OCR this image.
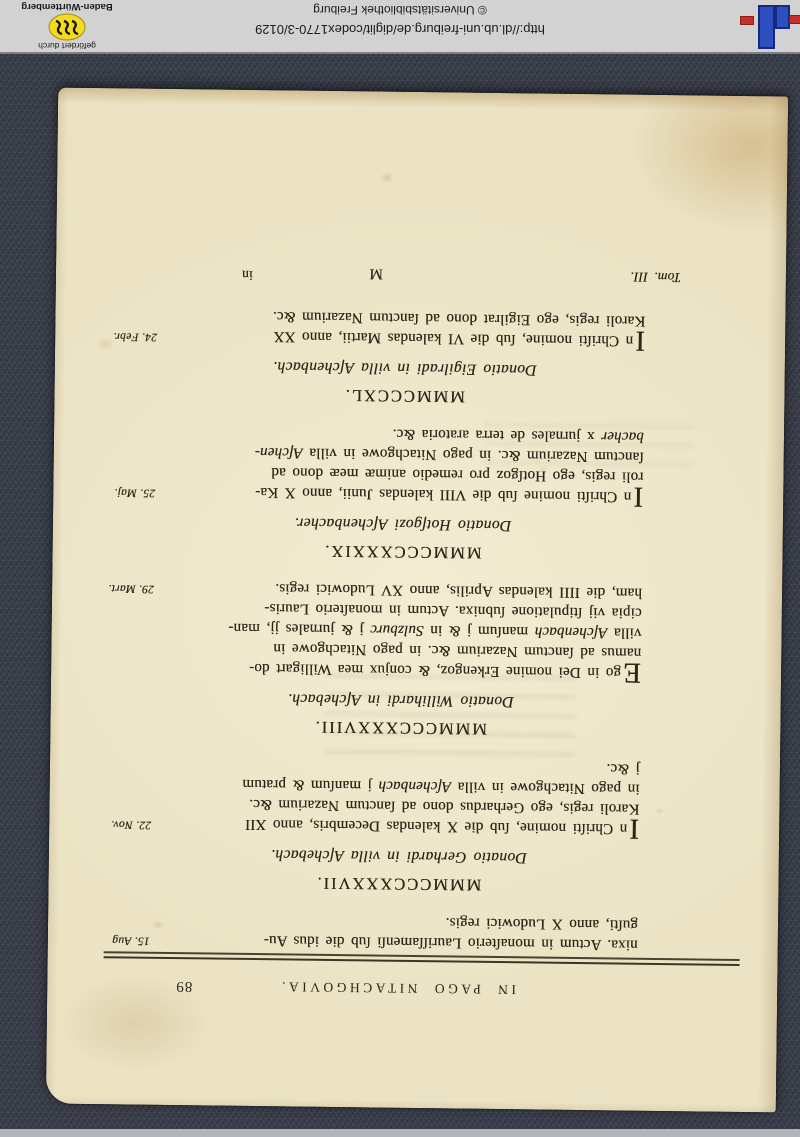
IN PAGO NITACHGOVIA.
89
nixa. Actum in monaſterio Lauriſſamenſi ſub die idus Au-
guſti, anno X Ludowici regis.
MMMCCCXXXVII.
Donatio Gerhardi in villa Aſchebach.
I
n Chriſti nomine, ſub die X kalendas Decembris, anno XII
Karoli regis, ego Gerhardus dono ad ſanctum Nazarium &c.
in pago Nitachgowe in villa Aſchenbach j manſum & pratum
j &c.
MMMCCCXXXVIII.
Donatio Willihardi in Aſchebach.
E
go in Dei nomine Erkengoz, & conjux mea Willigart do-
namus ad ſanctum Nazarium &c. in pago Nitachgowe in
villa Aſchenbach manſum j & in Sulzburc j & jurnales jj, man-
cipia vij ſtipulatione ſubnixa. Actum in monaſterio Lauris-
ham, die IIII kalendas Aprilis, anno XV Ludowici regis.
MMMCCCXXXIX.
Donatio Hotſgozi Aſchenbacher.
I
n Chriſti nomine ſub die VIII kalendas Junii, anno X Ka-
roli regis, ego Hotſgoz pro remedio animæ meæ dono ad
ſanctum Nazarium &c. in pago Nitachgowe in villa Aſchen-
bacher x jurnales de terra aratoria &c.
MMMCCCXL.
Donatio Eigilradi in villa Aſchenbach.
I
n Chriſti nomine, ſub die VI kalendas Martii, anno XX
Karoli regis, ego Eigilrat dono ad ſanctum Nazarium &c.
Tom. III.
M
in
15. Aug
22. Nov.
29. Mart.
25. Maj.
24. Febr.
© Universitätsbibliothek Freiburg
http://dl.ub.uni-freiburg.de/diglit/codex1770-3/0129
Baden-Württemberg
gefördert durch
